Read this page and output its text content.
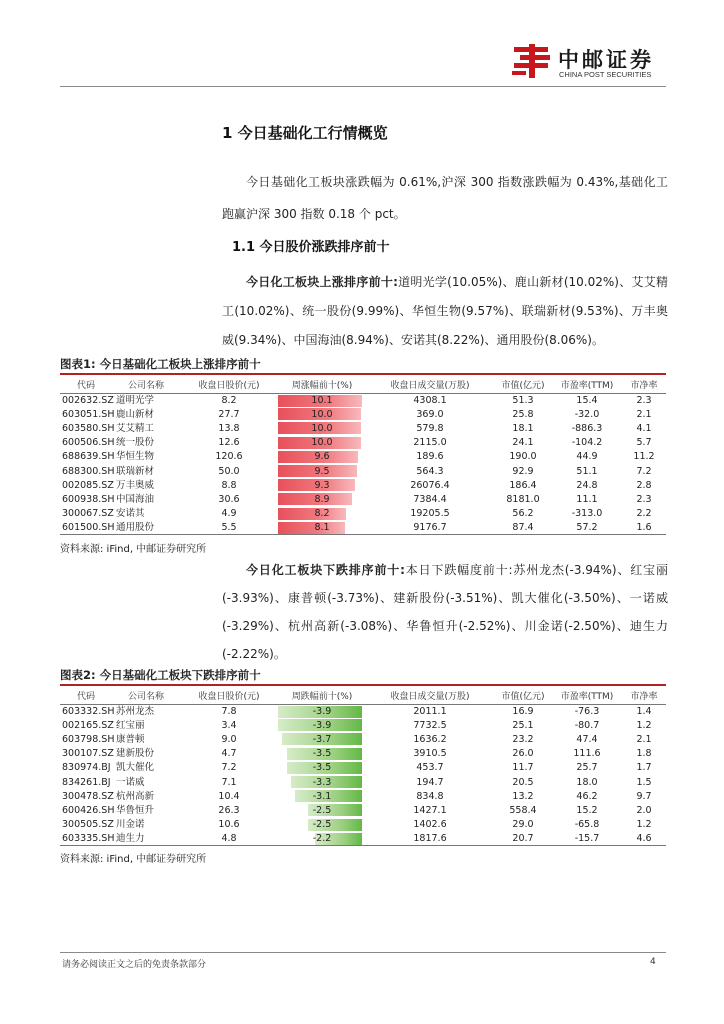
中邮证券
CHINA POST SECURITIES
1 今日基础化工行情概览
今日基础化工板块涨跌幅为 0.61%,沪深 300 指数涨跌幅为 0.43%,基础化工跑赢沪深 300 指数 0.18 个 pct。
1.1 今日股价涨跌排序前十
今日化工板块上涨排序前十:道明光学(10.05%)、鹿山新材(10.02%)、艾艾精工(10.02%)、统一股份(9.99%)、华恒生物(9.57%)、联瑞新材(9.53%)、万丰奥威(9.34%)、中国海油(8.94%)、安诺其(8.22%)、通用股份(8.06%)。
图表1: 今日基础化工板块上涨排序前十
代码	公司名称	收盘日股价(元)	周涨幅前十(%)	收盘日成交量(万股)	市值(亿元)	市盈率(TTM)	市净率
002632.SZ	道明光学	8.2	10.1	4308.1	51.3	15.4	2.3
603051.SH	鹿山新材	27.7	10.0	369.0	25.8	-32.0	2.1
603580.SH	艾艾精工	13.8	10.0	579.8	18.1	-886.3	4.1
600506.SH	统一股份	12.6	10.0	2115.0	24.1	-104.2	5.7
688639.SH	华恒生物	120.6	9.6	189.6	190.0	44.9	11.2
688300.SH	联瑞新材	50.0	9.5	564.3	92.9	51.1	7.2
002085.SZ	万丰奥威	8.8	9.3	26076.4	186.4	24.8	2.8
600938.SH	中国海油	30.6	8.9	7384.4	8181.0	11.1	2.3
300067.SZ	安诺其	4.9	8.2	19205.5	56.2	-313.0	2.2
601500.SH	通用股份	5.5	8.1	9176.7	87.4	57.2	1.6
资料来源: iFind, 中邮证券研究所
今日化工板块下跌排序前十:本日下跌幅度前十:苏州龙杰(-3.94%)、红宝丽(-3.93%)、康普顿(-3.73%)、建新股份(-3.51%)、凯大催化(-3.50%)、一诺威(-3.29%)、杭州高新(-3.08%)、华鲁恒升(-2.52%)、川金诺(-2.50%)、迪生力(-2.22%)。
图表2: 今日基础化工板块下跌排序前十
代码	公司名称	收盘日股价(元)	周跌幅前十(%)	收盘日成交量(万股)	市值(亿元)	市盈率(TTM)	市净率
603332.SH	苏州龙杰	7.8	-3.9	2011.1	16.9	-76.3	1.4
002165.SZ	红宝丽	3.4	-3.9	7732.5	25.1	-80.7	1.2
603798.SH	康普顿	9.0	-3.7	1636.2	23.2	47.4	2.1
300107.SZ	建新股份	4.7	-3.5	3910.5	26.0	111.6	1.8
830974.BJ	凯大催化	7.2	-3.5	453.7	11.7	25.7	1.7
834261.BJ	一诺威	7.1	-3.3	194.7	20.5	18.0	1.5
300478.SZ	杭州高新	10.4	-3.1	834.8	13.2	46.2	9.7
600426.SH	华鲁恒升	26.3	-2.5	1427.1	558.4	15.2	2.0
300505.SZ	川金诺	10.6	-2.5	1402.6	29.0	-65.8	1.2
603335.SH	迪生力	4.8	-2.2	1817.6	20.7	-15.7	4.6
资料来源: iFind, 中邮证券研究所
请务必阅读正文之后的免责条款部分	4
